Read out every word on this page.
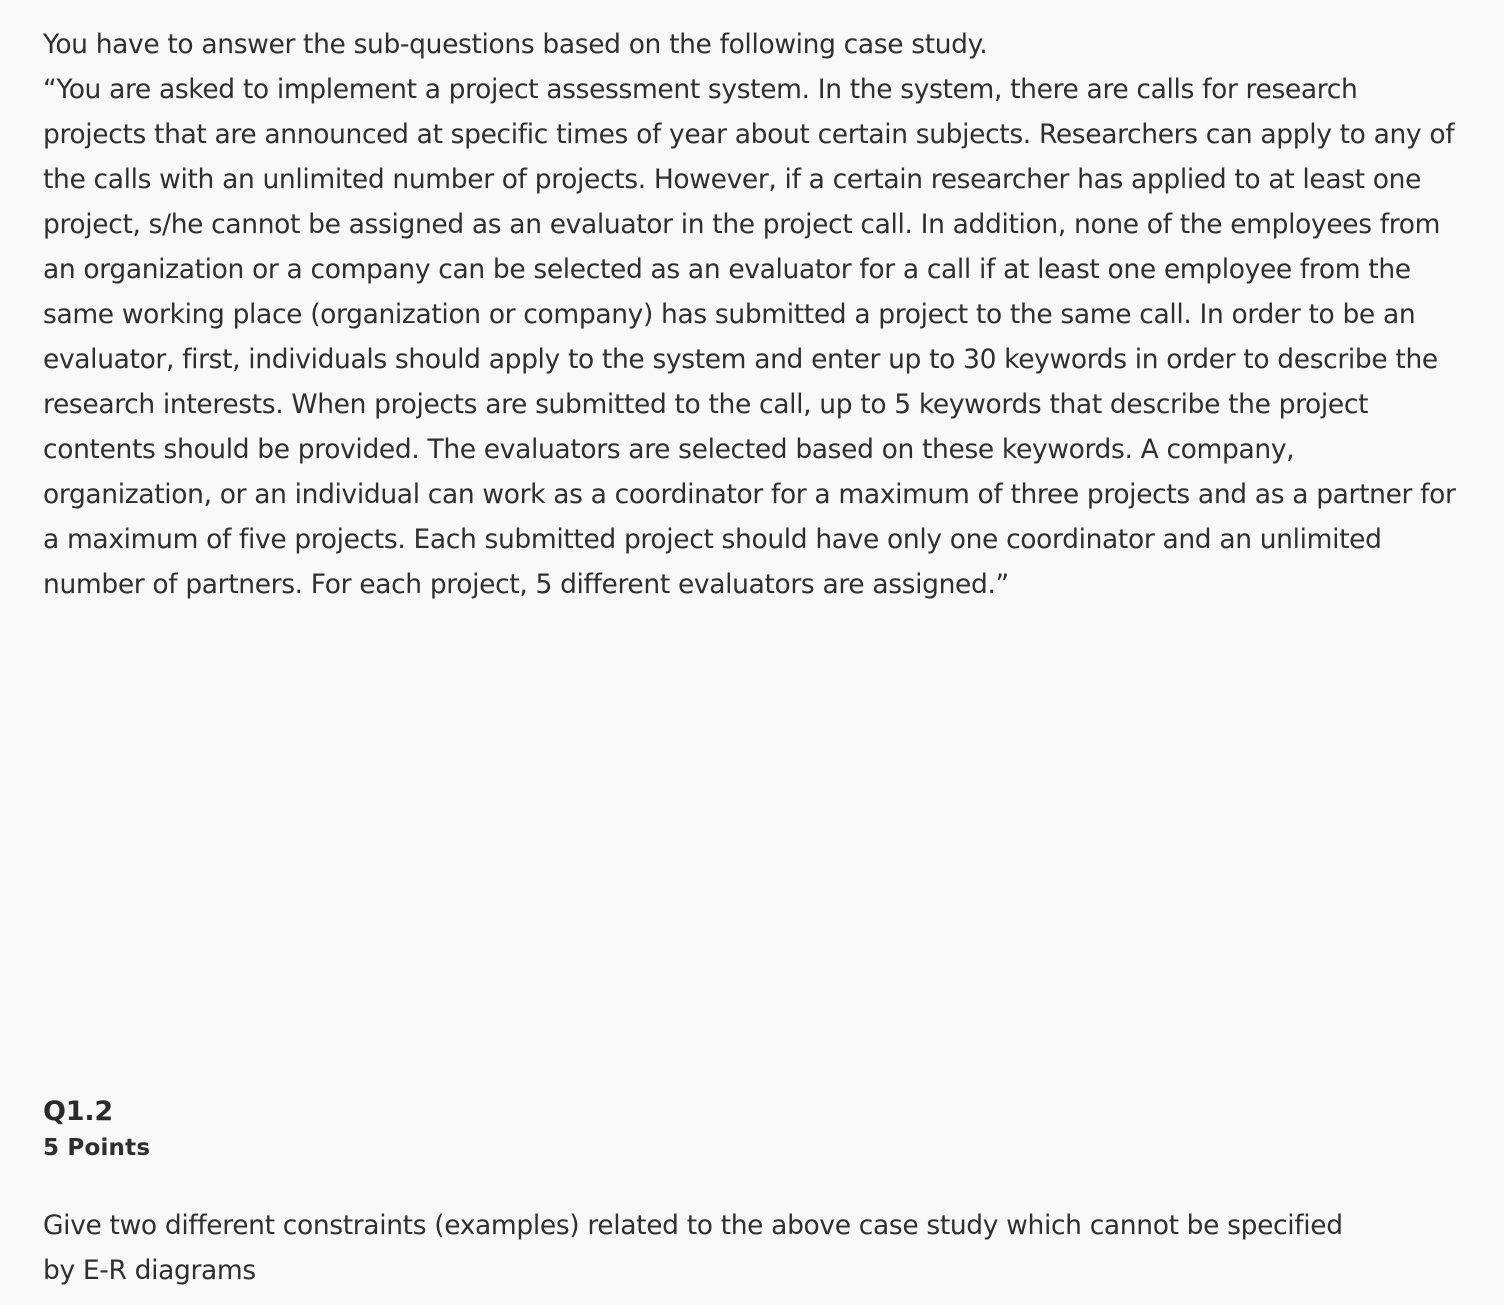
You have to answer the sub-questions based on the following case study.

“You are asked to implement a project assessment system. In the system, there are calls for research projects that are announced at specific times of year about certain subjects. Researchers can apply to any of the calls with an unlimited number of projects. However, if a certain researcher has applied to at least one project, s/he cannot be assigned as an evaluator in the project call. In addition, none of the employees from an organization or a company can be selected as an evaluator for a call if at least one employee from the same working place (organization or company) has submitted a project to the same call. In order to be an evaluator, first, individuals should apply to the system and enter up to 30 keywords in order to describe the research interests. When projects are submitted to the call, up to 5 keywords that describe the project contents should be provided. The evaluators are selected based on these keywords. A company, organization, or an individual can work as a coordinator for a maximum of three projects and as a partner for a maximum of five projects. Each submitted project should have only one coordinator and an unlimited number of partners. For each project, 5 different evaluators are assigned.”

Q1.2
5 Points

Give two different constraints (examples) related to the above case study which cannot be specified by E-R diagrams
